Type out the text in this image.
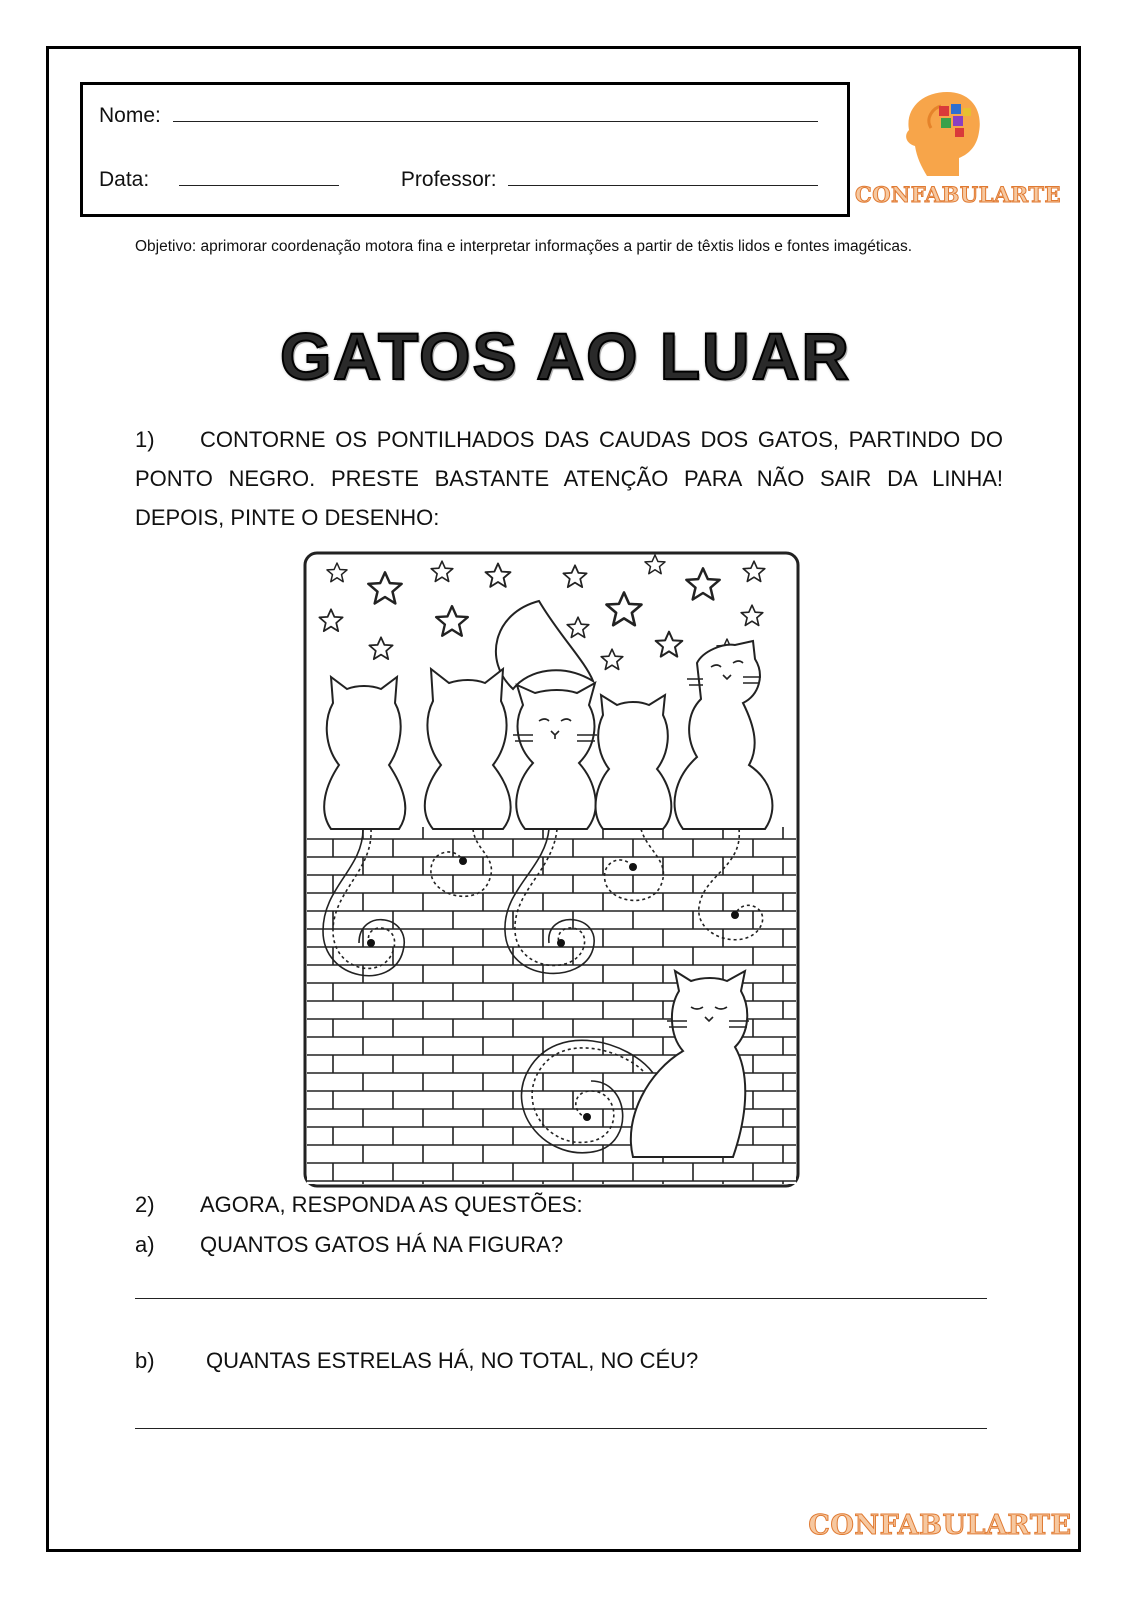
Nome:
Data:	Professor:
CONFABULARTE
Objetivo: aprimorar coordenação motora fina e interpretar informações a partir de têxtis lidos e fontes imagéticas.
GATOS AO LUAR
1) CONTORNE OS PONTILHADOS DAS CAUDAS DOS GATOS, PARTINDO DO PONTO NEGRO. PRESTE BASTANTE ATENÇÃO PARA NÃO SAIR DA LINHA! DEPOIS, PINTE O DESENHO:
2) AGORA, RESPONDA AS QUESTÕES:
a) QUANTOS GATOS HÁ NA FIGURA?
b) QUANTAS ESTRELAS HÁ, NO TOTAL, NO CÉU?
CONFABULARTE
